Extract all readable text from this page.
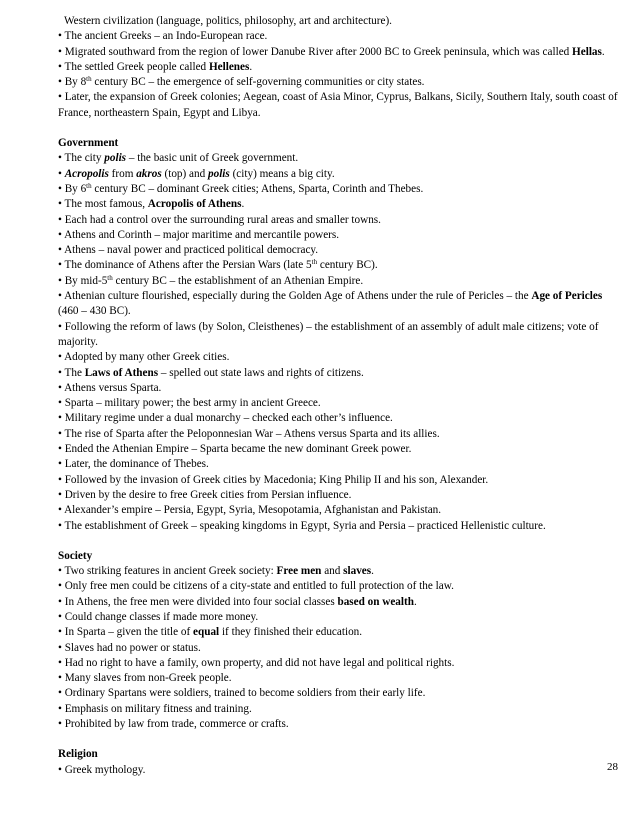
Western civilization (language, politics, philosophy, art and architecture).
• The ancient Greeks – an Indo-European race.
• Migrated southward from the region of lower Danube River after 2000 BC to Greek peninsula, which was called Hellas.
• The settled Greek people called Hellenes.
• By 8th century BC – the emergence of self-governing communities or city states.
• Later, the expansion of Greek colonies; Aegean, coast of Asia Minor, Cyprus, Balkans, Sicily, Southern Italy, south coast of France, northeastern Spain, Egypt and Libya.
Government
• The city polis – the basic unit of Greek government.
• Acropolis from akros (top) and polis (city) means a big city.
• By 6th century BC – dominant Greek cities; Athens, Sparta, Corinth and Thebes.
• The most famous, Acropolis of Athens.
• Each had a control over the surrounding rural areas and smaller towns.
• Athens and Corinth – major maritime and mercantile powers.
• Athens – naval power and practiced political democracy.
• The dominance of Athens after the Persian Wars (late 5th century BC).
• By mid-5th century BC – the establishment of an Athenian Empire.
• Athenian culture flourished, especially during the Golden Age of Athens under the rule of Pericles – the Age of Pericles (460 – 430 BC).
• Following the reform of laws (by Solon, Cleisthenes) – the establishment of an assembly of adult male citizens; vote of majority.
• Adopted by many other Greek cities.
• The Laws of Athens – spelled out state laws and rights of citizens.
• Athens versus Sparta.
• Sparta – military power; the best army in ancient Greece.
• Military regime under a dual monarchy – checked each other’s influence.
• The rise of Sparta after the Peloponnesian War – Athens versus Sparta and its allies.
• Ended the Athenian Empire – Sparta became the new dominant Greek power.
• Later, the dominance of Thebes.
• Followed by the invasion of Greek cities by Macedonia; King Philip II and his son, Alexander.
• Driven by the desire to free Greek cities from Persian influence.
• Alexander’s empire – Persia, Egypt, Syria, Mesopotamia, Afghanistan and Pakistan.
• The establishment of Greek – speaking kingdoms in Egypt, Syria and Persia – practiced Hellenistic culture.
Society
• Two striking features in ancient Greek society: Free men and slaves.
• Only free men could be citizens of a city-state and entitled to full protection of the law.
• In Athens, the free men were divided into four social classes based on wealth.
• Could change classes if made more money.
• In Sparta – given the title of equal if they finished their education.
• Slaves had no power or status.
• Had no right to have a family, own property, and did not have legal and political rights.
• Many slaves from non-Greek people.
• Ordinary Spartans were soldiers, trained to become soldiers from their early life.
• Emphasis on military fitness and training.
• Prohibited by law from trade, commerce or crafts.
Religion
• Greek mythology.	28
